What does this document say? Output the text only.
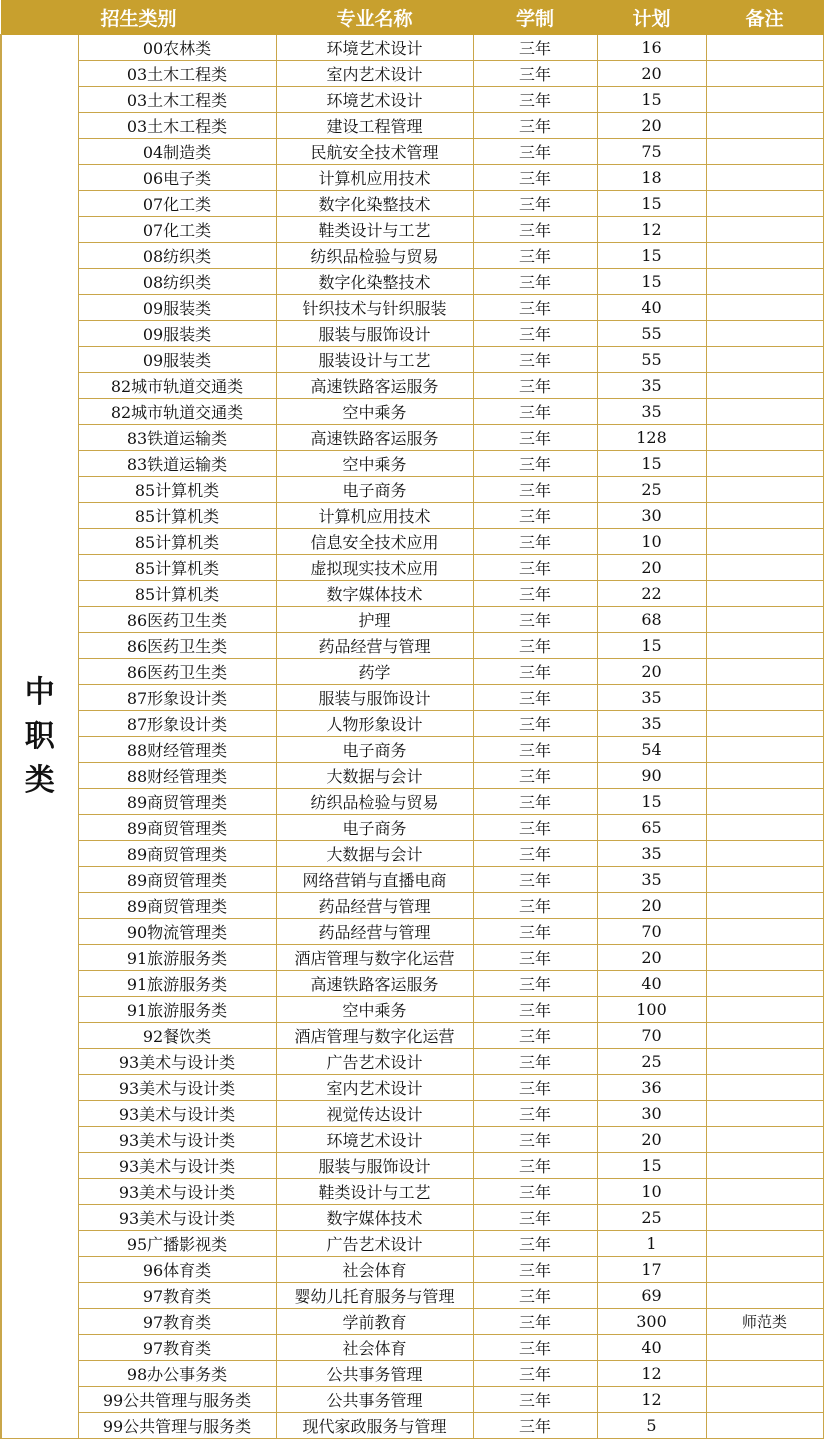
招生类别		专业名称	学制	计划	备注

中
职
类	00农林类	环境艺术设计	三年	16	
	03土木工程类	室内艺术设计	三年	20	
	03土木工程类	环境艺术设计	三年	15	
	03土木工程类	建设工程管理	三年	20	
	04制造类	民航安全技术管理	三年	75	
	06电子类	计算机应用技术	三年	18	
	07化工类	数字化染整技术	三年	15	
	07化工类	鞋类设计与工艺	三年	12	
	08纺织类	纺织品检验与贸易	三年	15	
	08纺织类	数字化染整技术	三年	15	
	09服装类	针织技术与针织服装	三年	40	
	09服装类	服装与服饰设计	三年	55	
	09服装类	服装设计与工艺	三年	55	
	82城市轨道交通类	高速铁路客运服务	三年	35	
	82城市轨道交通类	空中乘务	三年	35	
	83铁道运输类	高速铁路客运服务	三年	128	
	83铁道运输类	空中乘务	三年	15	
	85计算机类	电子商务	三年	25	
	85计算机类	计算机应用技术	三年	30	
	85计算机类	信息安全技术应用	三年	10	
	85计算机类	虚拟现实技术应用	三年	20	
	85计算机类	数字媒体技术	三年	22	
	86医药卫生类	护理	三年	68	
	86医药卫生类	药品经营与管理	三年	15	
	86医药卫生类	药学	三年	20	
	87形象设计类	服装与服饰设计	三年	35	
	87形象设计类	人物形象设计	三年	35	
	88财经管理类	电子商务	三年	54	
	88财经管理类	大数据与会计	三年	90	
	89商贸管理类	纺织品检验与贸易	三年	15	
	89商贸管理类	电子商务	三年	65	
	89商贸管理类	大数据与会计	三年	35	
	89商贸管理类	网络营销与直播电商	三年	35	
	89商贸管理类	药品经营与管理	三年	20	
	90物流管理类	药品经营与管理	三年	70	
	91旅游服务类	酒店管理与数字化运营	三年	20	
	91旅游服务类	高速铁路客运服务	三年	40	
	91旅游服务类	空中乘务	三年	100	
	92餐饮类	酒店管理与数字化运营	三年	70	
	93美术与设计类	广告艺术设计	三年	25	
	93美术与设计类	室内艺术设计	三年	36	
	93美术与设计类	视觉传达设计	三年	30	
	93美术与设计类	环境艺术设计	三年	20	
	93美术与设计类	服装与服饰设计	三年	15	
	93美术与设计类	鞋类设计与工艺	三年	10	
	93美术与设计类	数字媒体技术	三年	25	
	95广播影视类	广告艺术设计	三年	1	
	96体育类	社会体育	三年	17	
	97教育类	婴幼儿托育服务与管理	三年	69	
	97教育类	学前教育	三年	300	师范类
	97教育类	社会体育	三年	40	
	98办公事务类	公共事务管理	三年	12	
	99公共管理与服务类	公共事务管理	三年	12	
	99公共管理与服务类	现代家政服务与管理	三年	5	
